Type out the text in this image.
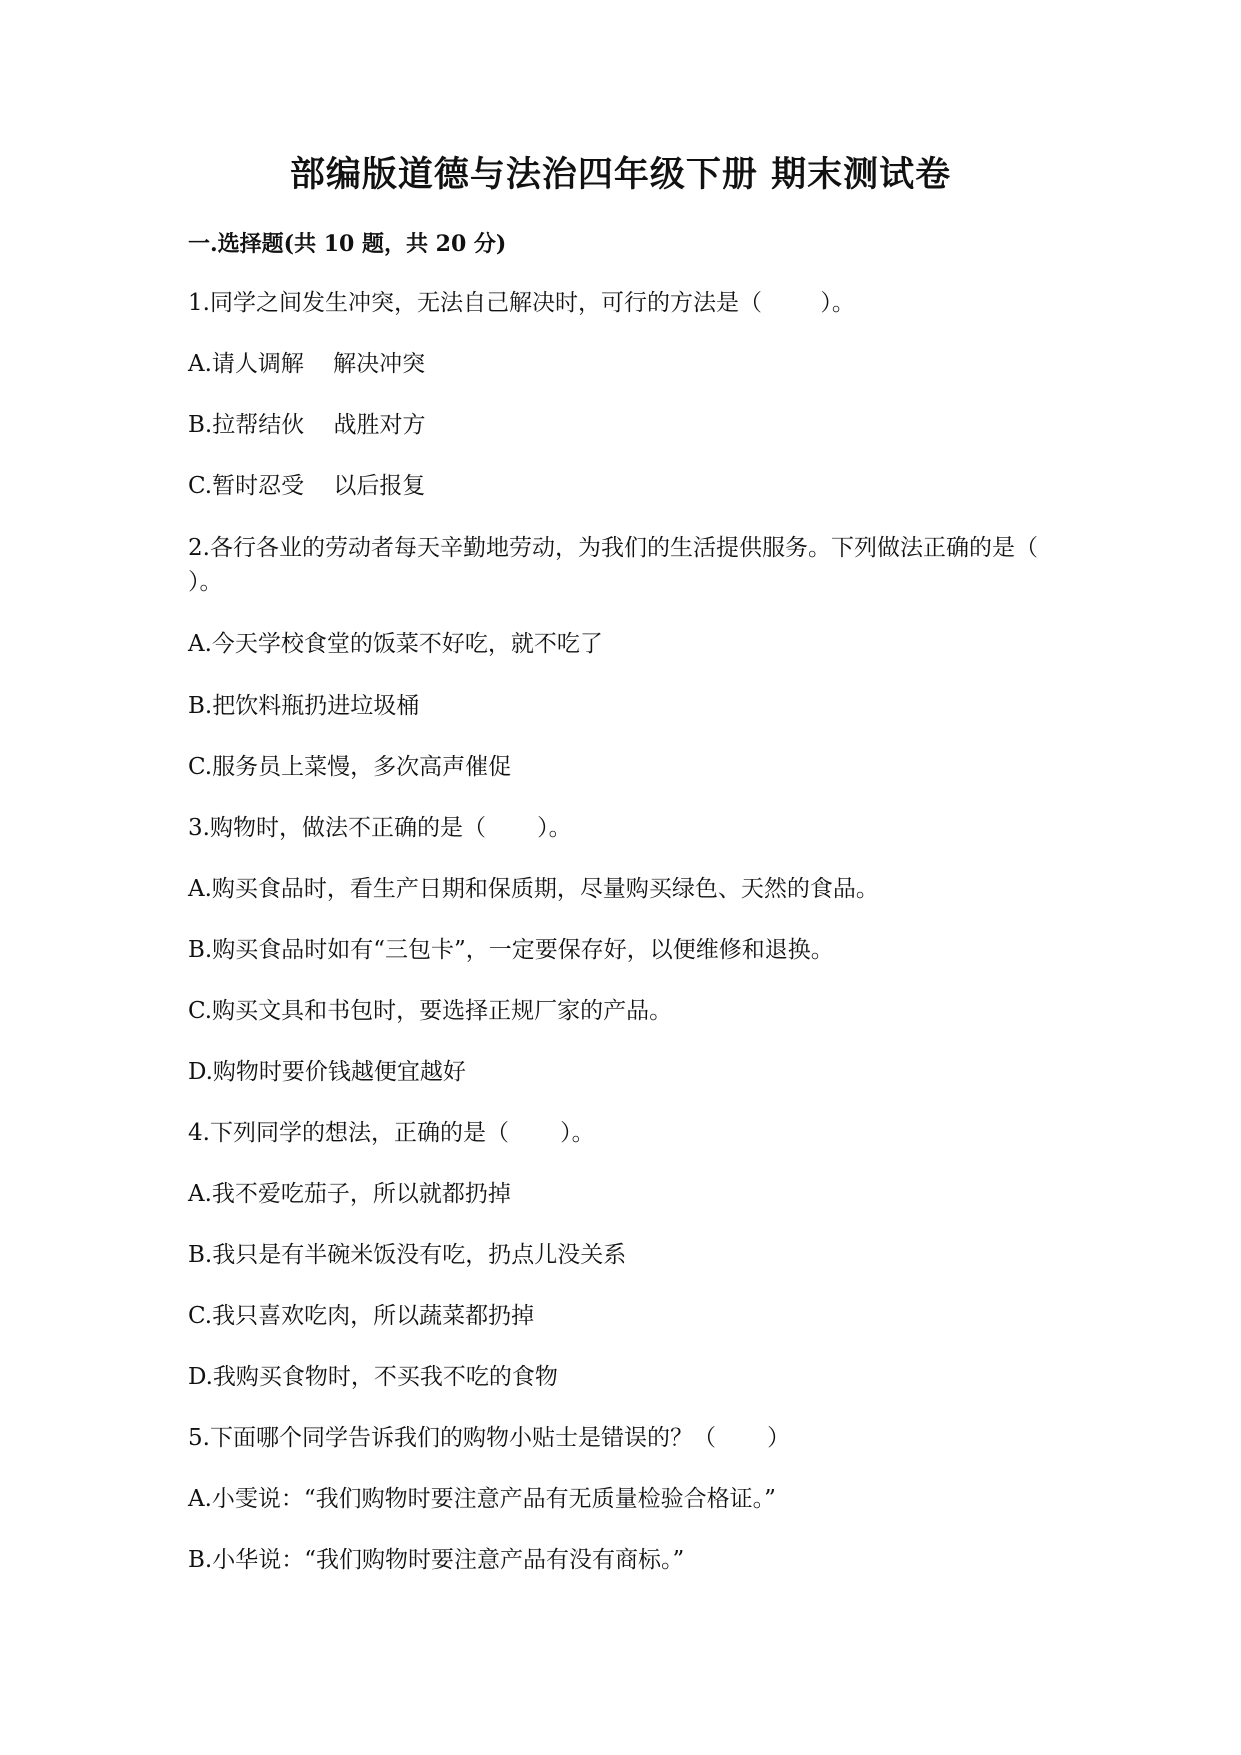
部编版道德与法治四年级下册 期末测试卷
一.选择题(共 10 题，共 20 分)

1.同学之间发生冲突，无法自己解决时，可行的方法是（        ）。

A.请人调解    解决冲突

B.拉帮结伙    战胜对方

C.暂时忍受    以后报复

2.各行各业的劳动者每天辛勤地劳动，为我们的生活提供服务。下列做法正确的是（        ）。

A.今天学校食堂的饭菜不好吃，就不吃了

B.把饮料瓶扔进垃圾桶

C.服务员上菜慢，多次高声催促

3.购物时，做法不正确的是（       ）。

A.购买食品时，看生产日期和保质期，尽量购买绿色、天然的食品。

B.购买食品时如有“三包卡”，一定要保存好，以便维修和退换。

C.购买文具和书包时，要选择正规厂家的产品。

D.购物时要价钱越便宜越好

4.下列同学的想法，正确的是（       ）。

A.我不爱吃茄子，所以就都扔掉

B.我只是有半碗米饭没有吃，扔点儿没关系

C.我只喜欢吃肉，所以蔬菜都扔掉

D.我购买食物时，不买我不吃的食物

5.下面哪个同学告诉我们的购物小贴士是错误的？（       ）

A.小雯说：“我们购物时要注意产品有无质量检验合格证。”

B.小华说：“我们购物时要注意产品有没有商标。”
